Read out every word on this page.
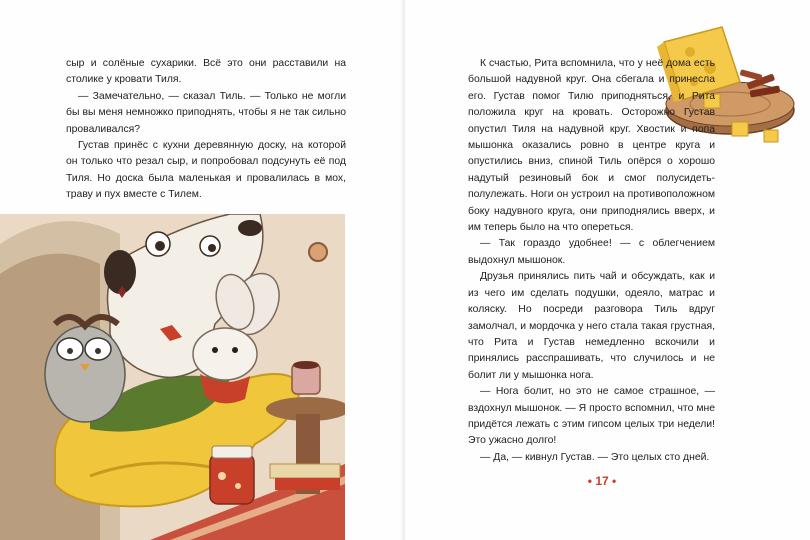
сыр и солёные сухарики. Всё это они расставили на столике у кровати Тиля.

— Замечательно, — сказал Тиль. — Только не могли бы вы меня немножко приподнять, чтобы я не так сильно проваливался?

Густав принёс с кухни деревянную доску, на которой он только что резал сыр, и попробовал подсунуть её под Тиля. Но доска была маленькая и провалилась в мох, траву и пух вместе с Тилем.

К счастью, Рита вспомнила, что у неё дома есть большой надувной круг. Она сбегала и принесла его. Густав помог Тилю приподняться, и Рита положила круг на кровать. Осторожно Густав опустил Тиля на надувной круг. Хвостик и попа мышонка оказались ровно в центре круга и опустились вниз, спиной Тиль опёрся о хорошо надутый резиновый бок и смог полусидеть-полулежать. Ноги он устроил на противоположном боку надувного круга, они приподнялись вверх, и им теперь было на что опереться.

— Так гораздо удобнее! — с облегчением выдохнул мышонок.

Друзья принялись пить чай и обсуждать, как и из чего им сделать подушки, одеяло, матрас и коляску. Но посреди разговора Тиль вдруг замолчал, и мордочка у него стала такая грустная, что Рита и Густав немедленно вскочили и принялись расспрашивать, что случилось и не болит ли у мышонка нога.

— Нога болит, но это не самое страшное, — вздохнул мышонок. — Я просто вспомнил, что мне придётся лежать с этим гипсом целых три недели! Это ужасно долго!

— Да, — кивнул Густав. — Это целых сто дней.

• 17 •
